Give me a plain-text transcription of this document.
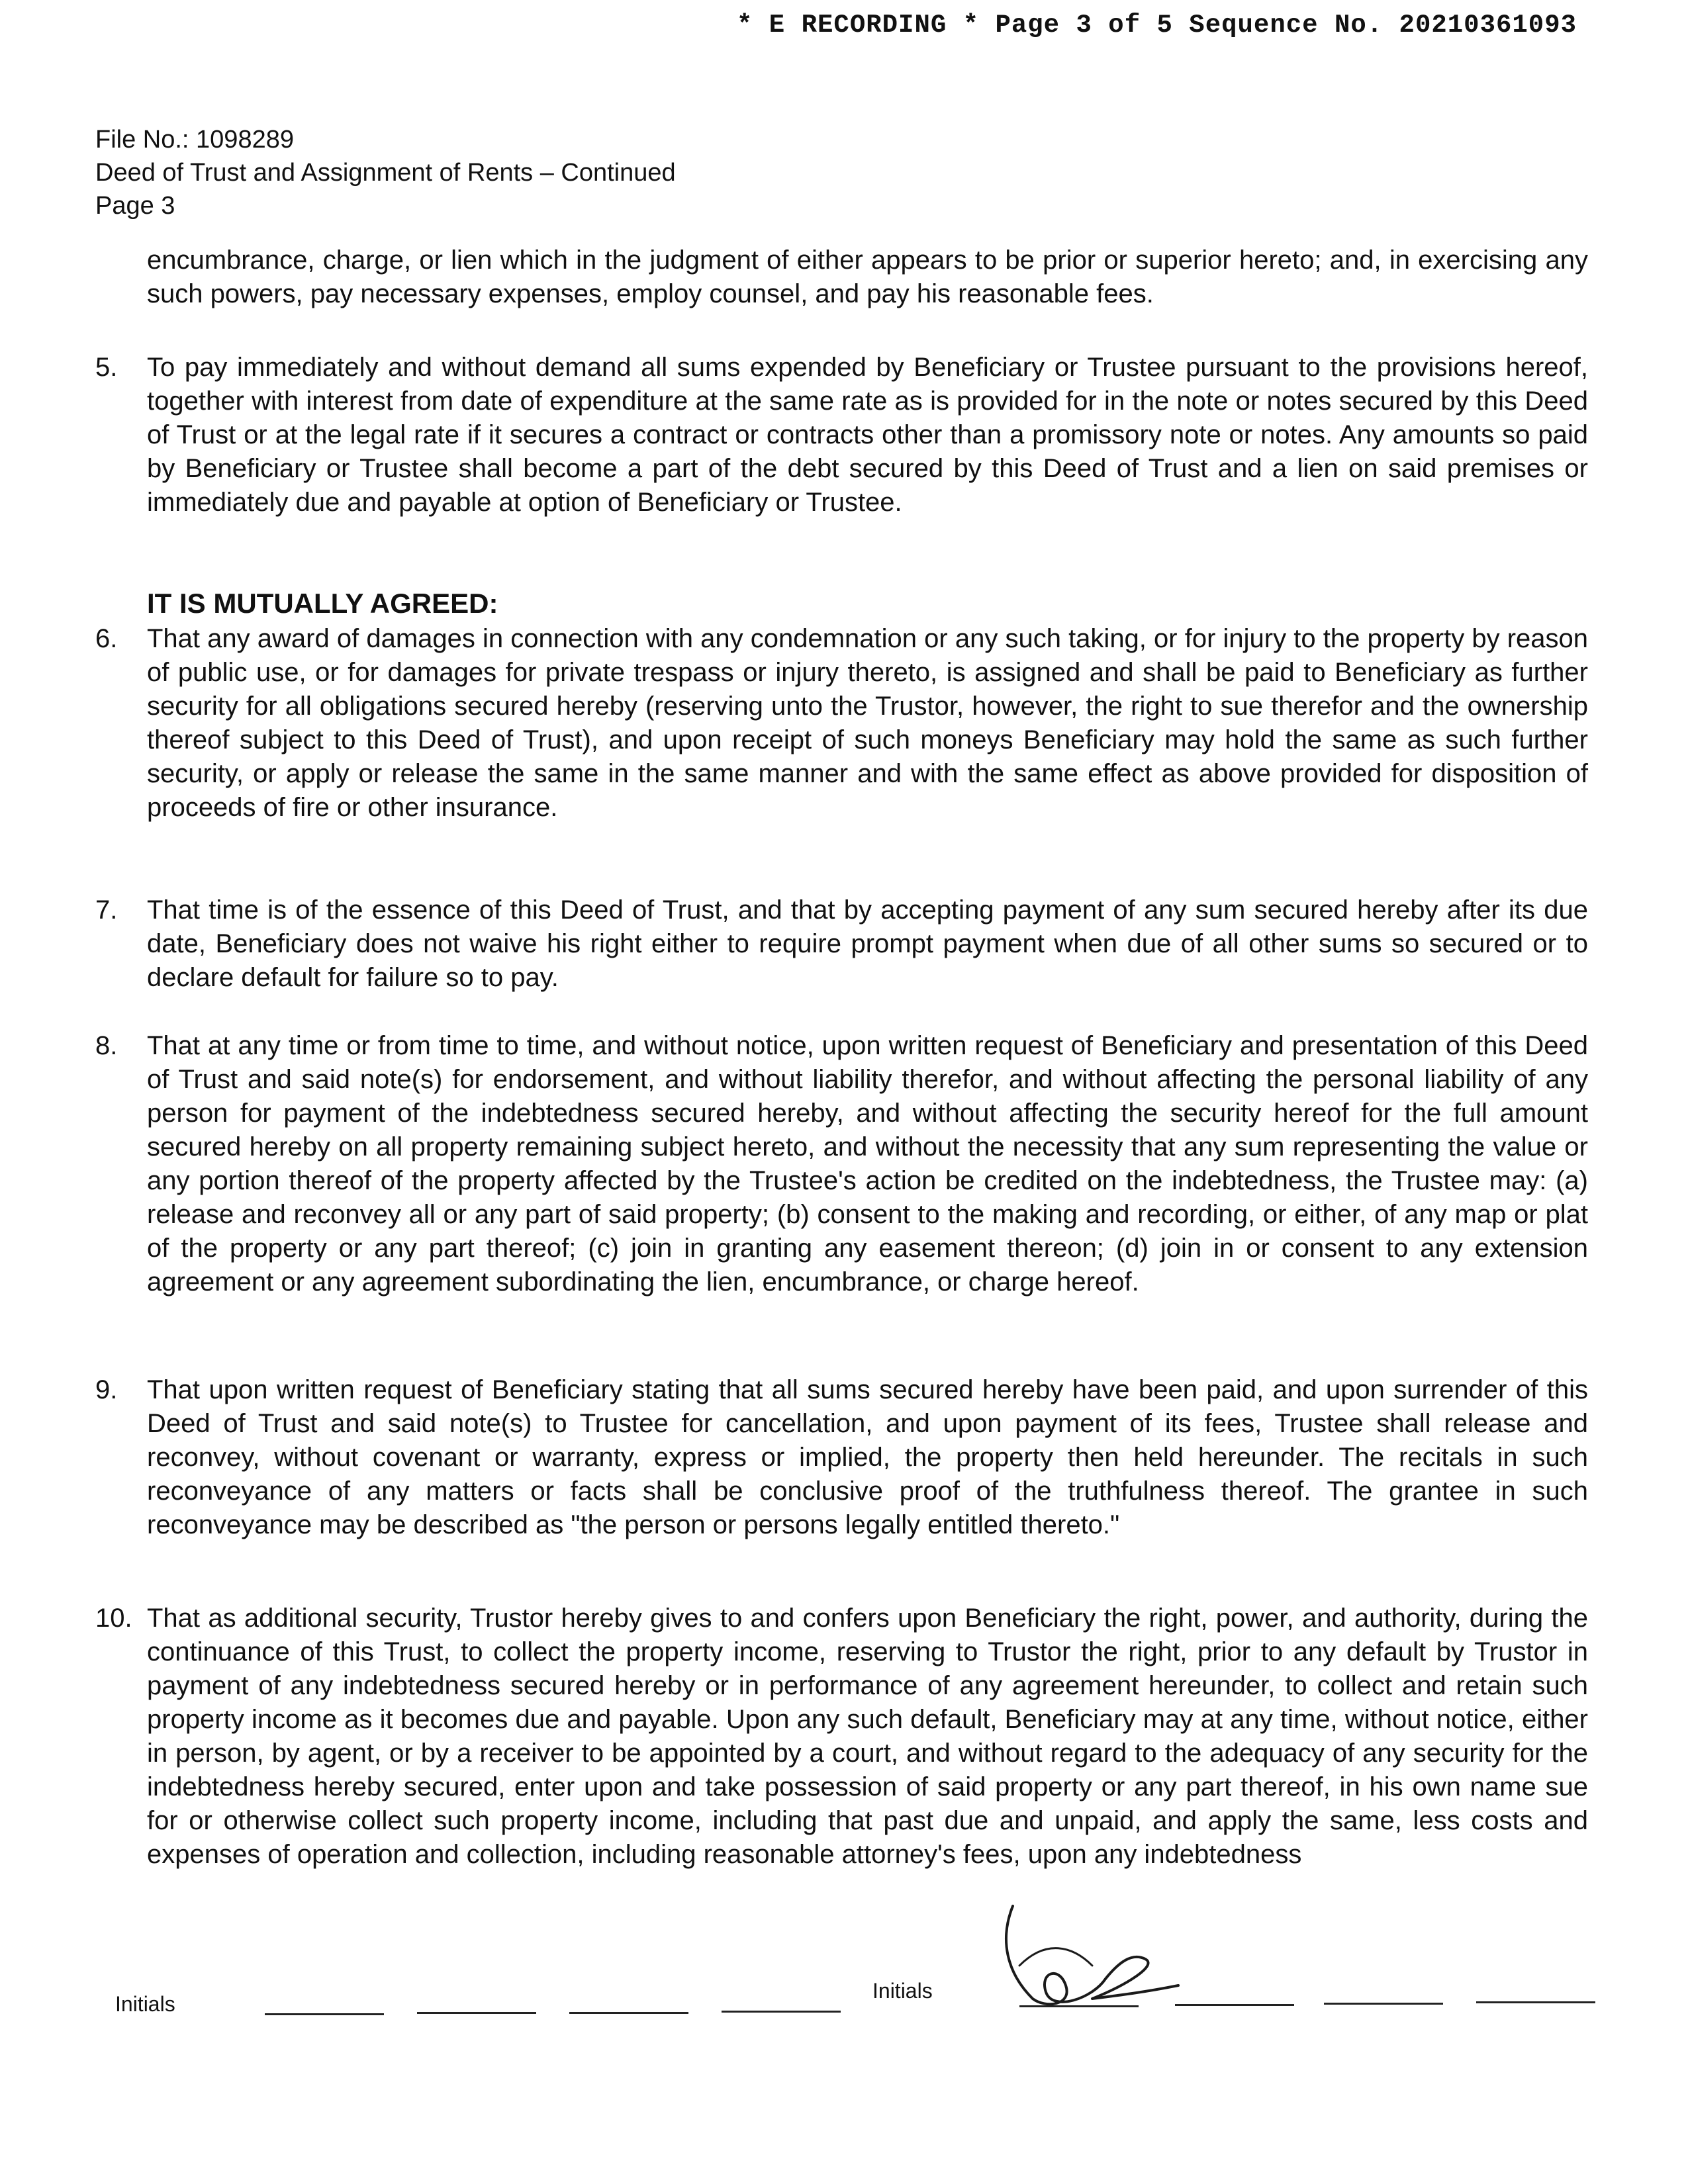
* E RECORDING * Page 3 of 5 Sequence No. 20210361093
File No.: 1098289
Deed of Trust and Assignment of Rents – Continued
Page 3
encumbrance, charge, or lien which in the judgment of either appears to be prior or superior hereto; and, in exercising any such powers, pay necessary expenses, employ counsel, and pay his reasonable fees.
5.	To pay immediately and without demand all sums expended by Beneficiary or Trustee pursuant to the provisions hereof, together with interest from date of expenditure at the same rate as is provided for in the note or notes secured by this Deed of Trust or at the legal rate if it secures a contract or contracts other than a promissory note or notes. Any amounts so paid by Beneficiary or Trustee shall become a part of the debt secured by this Deed of Trust and a lien on said premises or immediately due and payable at option of Beneficiary or Trustee.
IT IS MUTUALLY AGREED:
6.	That any award of damages in connection with any condemnation or any such taking, or for injury to the property by reason of public use, or for damages for private trespass or injury thereto, is assigned and shall be paid to Beneficiary as further security for all obligations secured hereby (reserving unto the Trustor, however, the right to sue therefor and the ownership thereof subject to this Deed of Trust), and upon receipt of such moneys Beneficiary may hold the same as such further security, or apply or release the same in the same manner and with the same effect as above provided for disposition of proceeds of fire or other insurance.
7.	That time is of the essence of this Deed of Trust, and that by accepting payment of any sum secured hereby after its due date, Beneficiary does not waive his right either to require prompt payment when due of all other sums so secured or to declare default for failure so to pay.
8.	That at any time or from time to time, and without notice, upon written request of Beneficiary and presentation of this Deed of Trust and said note(s) for endorsement, and without liability therefor, and without affecting the personal liability of any person for payment of the indebtedness secured hereby, and without affecting the security hereof for the full amount secured hereby on all property remaining subject hereto, and without the necessity that any sum representing the value or any portion thereof of the property affected by the Trustee's action be credited on the indebtedness, the Trustee may: (a) release and reconvey all or any part of said property; (b) consent to the making and recording, or either, of any map or plat of the property or any part thereof; (c) join in granting any easement thereon; (d) join in or consent to any extension agreement or any agreement subordinating the lien, encumbrance, or charge hereof.
9.	That upon written request of Beneficiary stating that all sums secured hereby have been paid, and upon surrender of this Deed of Trust and said note(s) to Trustee for cancellation, and upon payment of its fees, Trustee shall release and reconvey, without covenant or warranty, express or implied, the property then held hereunder. The recitals in such reconveyance of any matters or facts shall be conclusive proof of the truthfulness thereof. The grantee in such reconveyance may be described as "the person or persons legally entitled thereto."
10. That as additional security, Trustor hereby gives to and confers upon Beneficiary the right, power, and authority, during the continuance of this Trust, to collect the property income, reserving to Trustor the right, prior to any default by Trustor in payment of any indebtedness secured hereby or in performance of any agreement hereunder, to collect and retain such property income as it becomes due and payable. Upon any such default, Beneficiary may at any time, without notice, either in person, by agent, or by a receiver to be appointed by a court, and without regard to the adequacy of any security for the indebtedness hereby secured, enter upon and take possession of said property or any part thereof, in his own name sue for or otherwise collect such property income, including that past due and unpaid, and apply the same, less costs and expenses of operation and collection, including reasonable attorney's fees, upon any indebtedness
Initials
Initials
